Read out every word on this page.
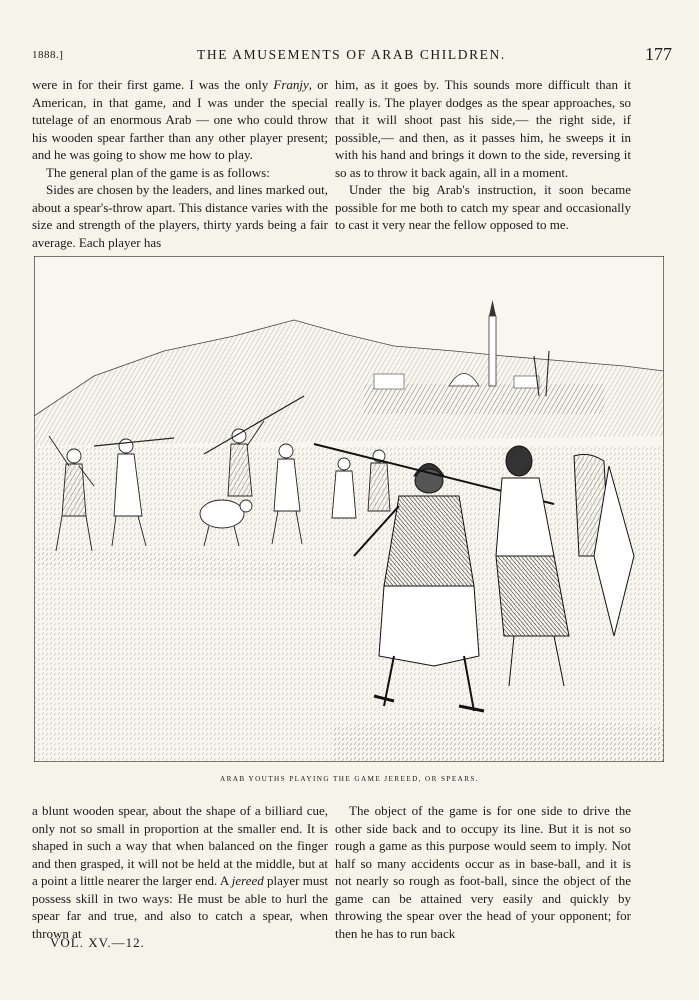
1888.]	THE AMUSEMENTS OF ARAB CHILDREN.	177

were in for their first game. I was the only Franjy, or American, in that game, and I was under the special tutelage of an enormous Arab — one who could throw his wooden spear farther than any other player present; and he was going to show me how to play.

The general plan of the game is as follows:

Sides are chosen by the leaders, and lines marked out, about a spear's-throw apart. This distance varies with the size and strength of the players, thirty yards being a fair average. Each player has

him, as it goes by. This sounds more difficult than it really is. The player dodges as the spear approaches, so that it will shoot past his side,— the right side, if possible,— and then, as it passes him, he sweeps it in with his hand and brings it down to the side, reversing it so as to throw it back again, all in a moment.

Under the big Arab's instruction, it soon became possible for me both to catch my spear and occasionally to cast it very near the fellow opposed to me.

ARAB YOUTHS PLAYING THE GAME JEREED, OR SPEARS.

a blunt wooden spear, about the shape of a billiard cue, only not so small in proportion at the smaller end. It is shaped in such a way that when balanced on the finger and then grasped, it will not be held at the middle, but at a point a little nearer the larger end. A jereed player must possess skill in two ways: He must be able to hurl the spear far and true, and also to catch a spear, when thrown at

The object of the game is for one side to drive the other side back and to occupy its line. But it is not so rough a game as this purpose would seem to imply. Not half so many accidents occur as in base-ball, and it is not nearly so rough as foot-ball, since the object of the game can be attained very easily and quickly by throwing the spear over the head of your opponent; for then he has to run back

VOL. XV.—12.
